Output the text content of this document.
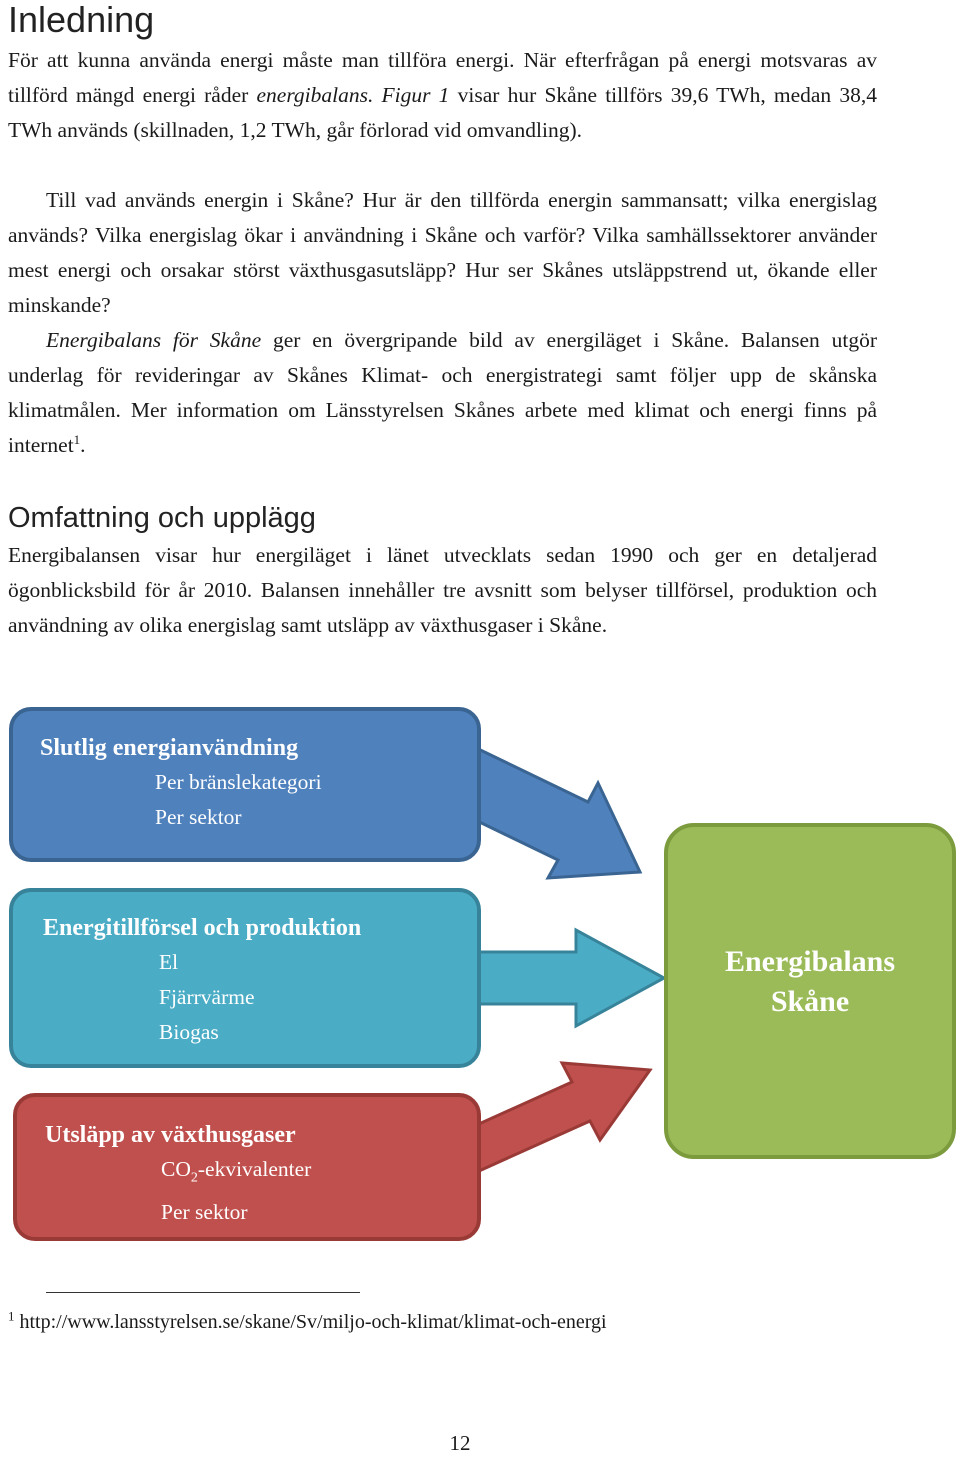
Inledning

För att kunna använda energi måste man tillföra energi. När efterfrågan på energi motsvaras av tillförd mängd energi råder energibalans. Figur 1 visar hur Skåne tillförs 39,6 TWh, medan 38,4 TWh används (skillnaden, 1,2 TWh, går förlorad vid omvandling).

Till vad används energin i Skåne? Hur är den tillförda energin sammansatt; vilka energislag används? Vilka energislag ökar i användning i Skåne och varför? Vilka samhällssektorer använder mest energi och orsakar störst växthusgasutsläpp? Hur ser Skånes utsläppstrend ut, ökande eller minskande?

Energibalans för Skåne ger en övergripande bild av energiläget i Skåne. Balansen utgör underlag för revideringar av Skånes Klimat- och energistrategi samt följer upp de skånska klimatmålen. Mer information om Länsstyrelsen Skånes arbete med klimat och energi finns på internet$^1$.

Omfattning och upplägg

Energibalansen visar hur energiläget i länet utvecklats sedan 1990 och ger en detaljerad ögonblicksbild för år 2010. Balansen innehåller tre avsnitt som belyser tillförsel, produktion och användning av olika energislag samt utsläpp av växthusgaser i Skåne.

Slutlig energianvändning
Per bränslekategori
Per sektor
Energitillförsel och produktion
El
Fjärrvärme
Biogas
Utsläpp av växthusgaser
$CO_2$-ekvivalenter
Per sektor
Energibalans
Skåne
$^1$ http://www.lansstyrelsen.se/skane/Sv/miljo-och-klimat/klimat-och-energi
12
